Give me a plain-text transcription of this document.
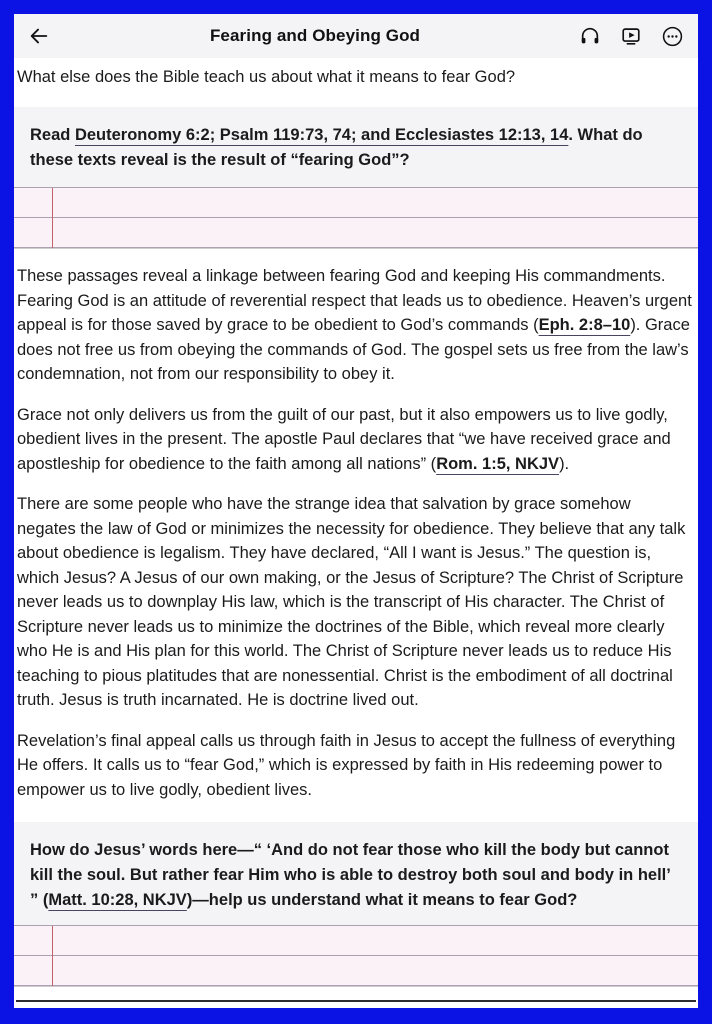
Fearing and Obeying God

What else does the Bible teach us about what it means to fear God?

Read Deuteronomy 6:2; Psalm 119:73, 74; and Ecclesiastes 12:13, 14. What do these texts reveal is the result of “fearing God”?

These passages reveal a linkage between fearing God and keeping His commandments. Fearing God is an attitude of reverential respect that leads us to obedience. Heaven’s urgent appeal is for those saved by grace to be obedient to God’s commands (Eph. 2:8–10). Grace does not free us from obeying the commands of God. The gospel sets us free from the law’s condemnation, not from our responsibility to obey it.

Grace not only delivers us from the guilt of our past, but it also empowers us to live godly, obedient lives in the present. The apostle Paul declares that “we have received grace and apostleship for obedience to the faith among all nations” (Rom. 1:5, NKJV).

There are some people who have the strange idea that salvation by grace somehow negates the law of God or minimizes the necessity for obedience. They believe that any talk about obedience is legalism. They have declared, “All I want is Jesus.” The question is, which Jesus? A Jesus of our own making, or the Jesus of Scripture? The Christ of Scripture never leads us to downplay His law, which is the transcript of His character. The Christ of Scripture never leads us to minimize the doctrines of the Bible, which reveal more clearly who He is and His plan for this world. The Christ of Scripture never leads us to reduce His teaching to pious platitudes that are nonessential. Christ is the embodiment of all doctrinal truth. Jesus is truth incarnated. He is doctrine lived out.

Revelation’s final appeal calls us through faith in Jesus to accept the fullness of everything He offers. It calls us to “fear God,” which is expressed by faith in His redeeming power to empower us to live godly, obedient lives.

How do Jesus’ words here—“ ‘And do not fear those who kill the body but cannot kill the soul. But rather fear Him who is able to destroy both soul and body in hell’ ” (Matt. 10:28, NKJV)—help us understand what it means to fear God?
